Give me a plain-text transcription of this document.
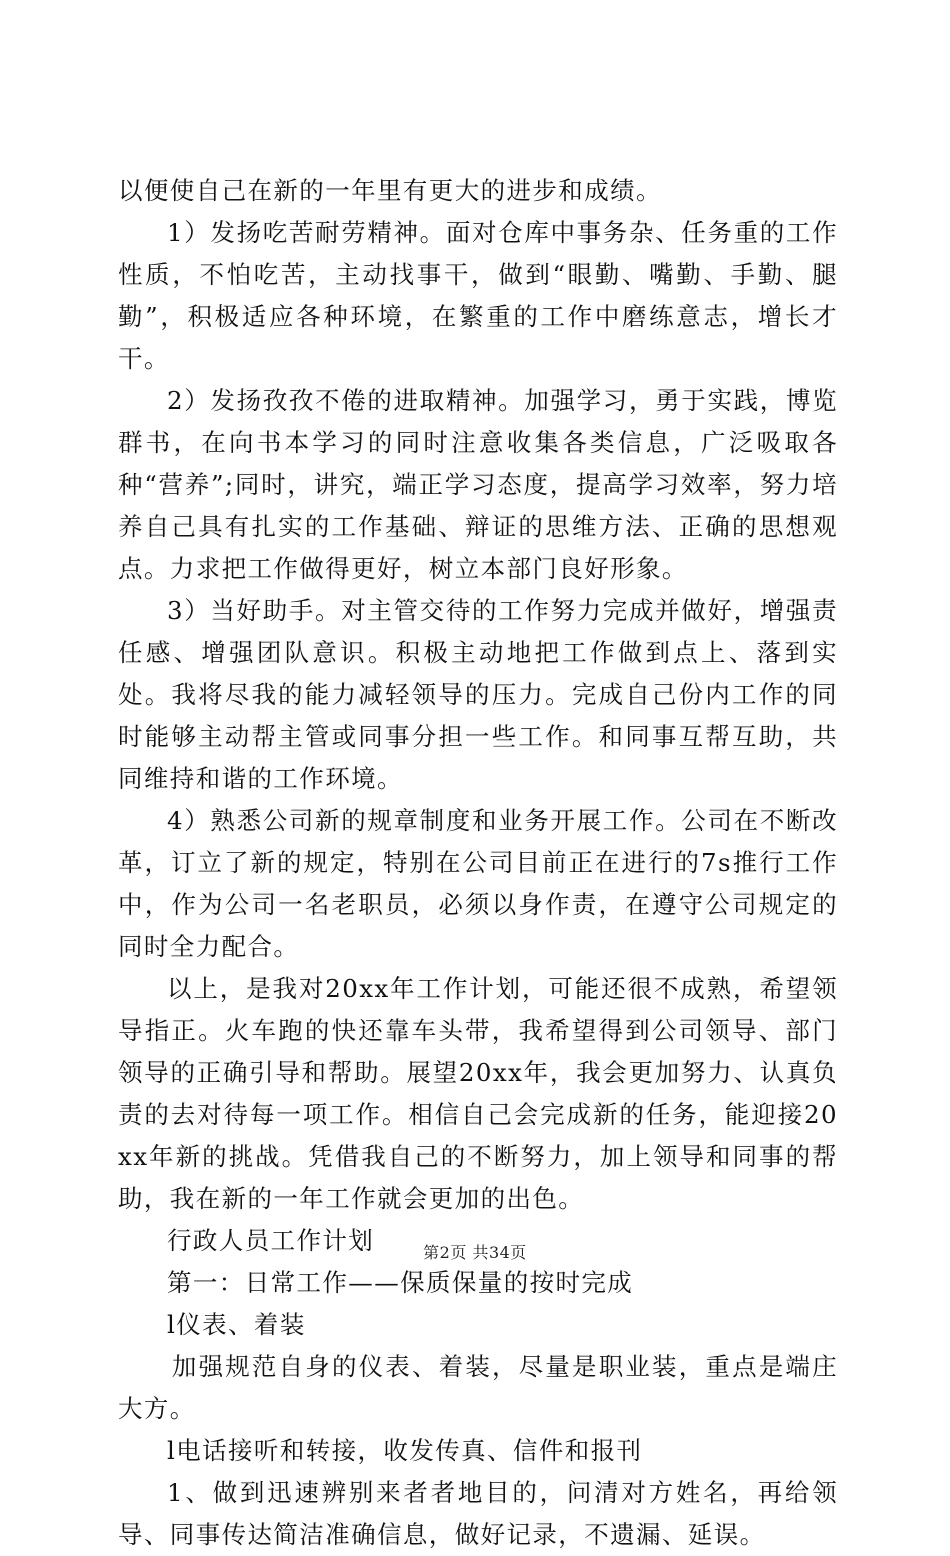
以便使自己在新的一年里有更大的进步和成绩。

1）发扬吃苦耐劳精神。面对仓库中事务杂、任务重的工作性质，不怕吃苦，主动找事干，做到“眼勤、嘴勤、手勤、腿勤”，积极适应各种环境，在繁重的工作中磨练意志，增长才干。

2）发扬孜孜不倦的进取精神。加强学习，勇于实践，博览群书，在向书本学习的同时注意收集各类信息，广泛吸取各种“营养”;同时，讲究，端正学习态度，提高学习效率，努力培养自己具有扎实的工作基础、辩证的思维方法、正确的思想观点。力求把工作做得更好，树立本部门良好形象。

3）当好助手。对主管交待的工作努力完成并做好，增强责任感、增强团队意识。积极主动地把工作做到点上、落到实处。我将尽我的能力减轻领导的压力。完成自己份内工作的同时能够主动帮主管或同事分担一些工作。和同事互帮互助，共同维持和谐的工作环境。

4）熟悉公司新的规章制度和业务开展工作。公司在不断改革，订立了新的规定，特别在公司目前正在进行的7s推行工作中，作为公司一名老职员，必须以身作责，在遵守公司规定的同时全力配合。

以上，是我对20xx年工作计划，可能还很不成熟，希望领导指正。火车跑的快还靠车头带，我希望得到公司领导、部门领导的正确引导和帮助。展望20xx年，我会更加努力、认真负责的去对待每一项工作。相信自己会完成新的任务，能迎接20xx年新的挑战。凭借我自己的不断努力，加上领导和同事的帮助，我在新的一年工作就会更加的出色。

行政人员工作计划

第一：日常工作——保质保量的按时完成

l仪表、着装

加强规范自身的仪表、着装，尽量是职业装，重点是端庄大方。

l电话接听和转接，收发传真、信件和报刊

1、做到迅速辨别来者者地目的，问清对方姓名，再给领导、同事传达简洁准确信息，做好记录，不遗漏、延误。

第2页 共34页
